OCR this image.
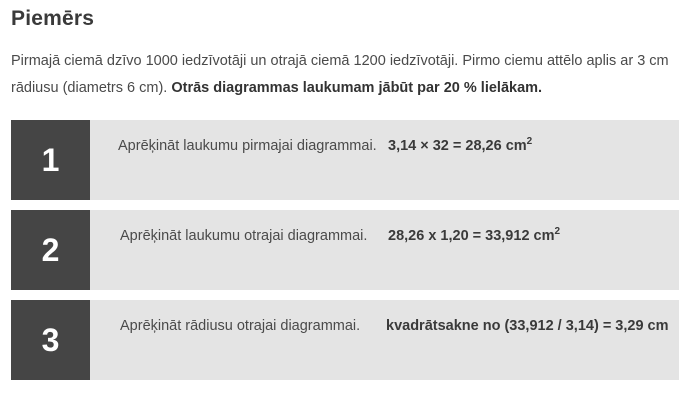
Piemērs

Pirmajā ciemā dzīvo 1000 iedzīvotāji un otrajā ciemā 1200 iedzīvotāji. Pirmo ciemu attēlo aplis ar 3 cm rādiusu (diametrs 6 cm). Otrās diagrammas laukumam jābūt par 20 % lielākam.

1	Aprēķināt laukumu pirmajai diagrammai. 3,14 × 32 = 28,26 $cm^2$
2	Aprēķināt laukumu otrajai diagrammai. 28,26 x 1,20 = 33,912 $cm^2$
3	Aprēķināt rādiusu otrajai diagrammai. kvadrātsakne no (33,912 / 3,14) = 3,29 cm
